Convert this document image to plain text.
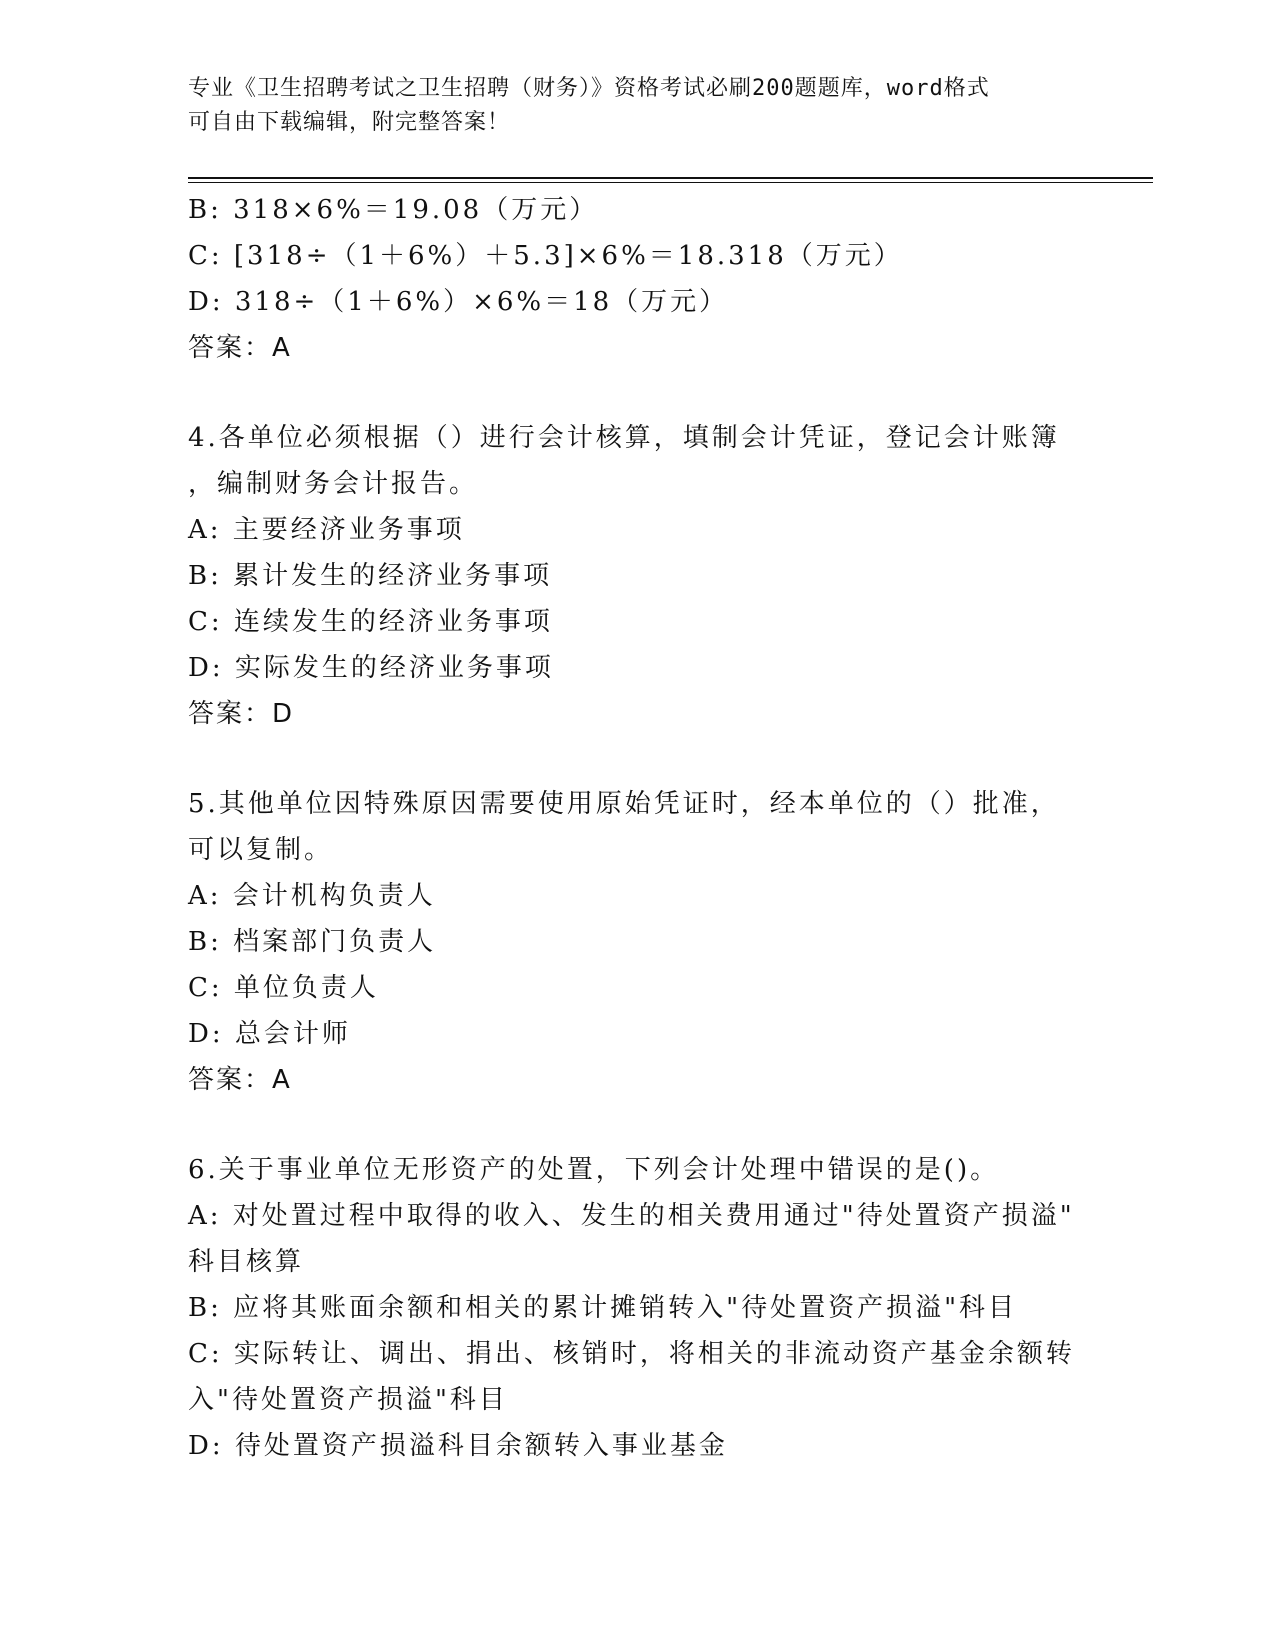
专业《卫生招聘考试之卫生招聘（财务）》资格考试必刷200题题库，word格式
可自由下载编辑，附完整答案！
B: 318×6%＝19.08（万元）
C: [318÷（1＋6%）＋5.3]×6%＝18.318（万元）
D: 318÷（1＋6%）×6%＝18（万元）
答案：A
4.各单位必须根据（）进行会计核算，填制会计凭证，登记会计账簿
，编制财务会计报告。
A: 主要经济业务事项
B: 累计发生的经济业务事项
C: 连续发生的经济业务事项
D: 实际发生的经济业务事项
答案：D
5.其他单位因特殊原因需要使用原始凭证时，经本单位的（）批准，
可以复制。
A: 会计机构负责人
B: 档案部门负责人
C: 单位负责人
D: 总会计师
答案：A
6.关于事业单位无形资产的处置，下列会计处理中错误的是()。
A: 对处置过程中取得的收入、发生的相关费用通过"待处置资产损溢"
科目核算
B: 应将其账面余额和相关的累计摊销转入"待处置资产损溢"科目
C: 实际转让、调出、捐出、核销时，将相关的非流动资产基金余额转
入"待处置资产损溢"科目
D: 待处置资产损溢科目余额转入事业基金
